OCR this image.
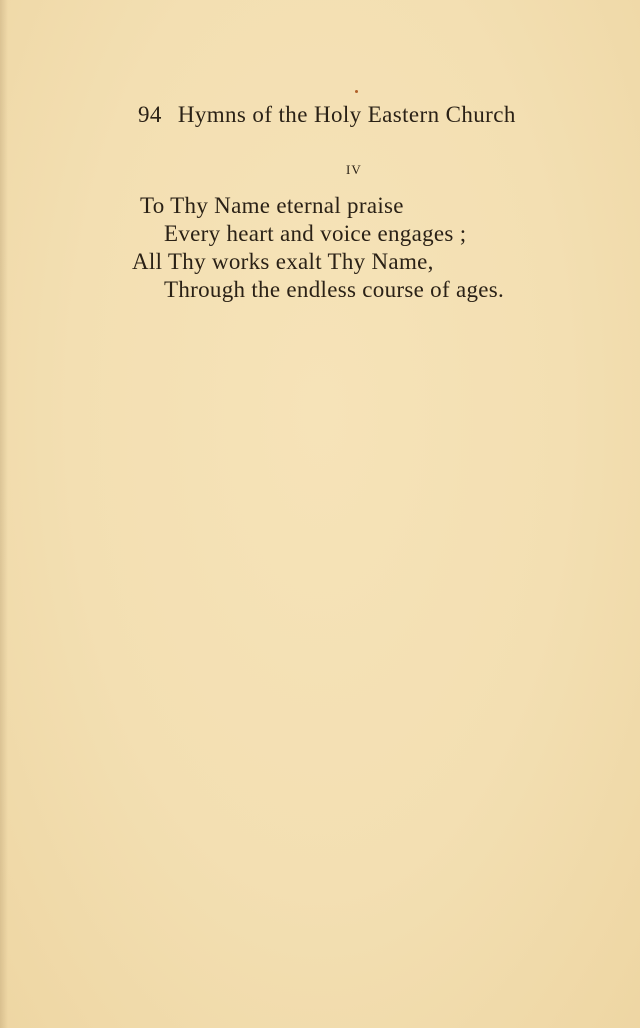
94 Hymns of the Holy Eastern Church
IV
To Thy Name eternal praise
Every heart and voice engages ;
All Thy works exalt Thy Name,
Through the endless course of ages.
